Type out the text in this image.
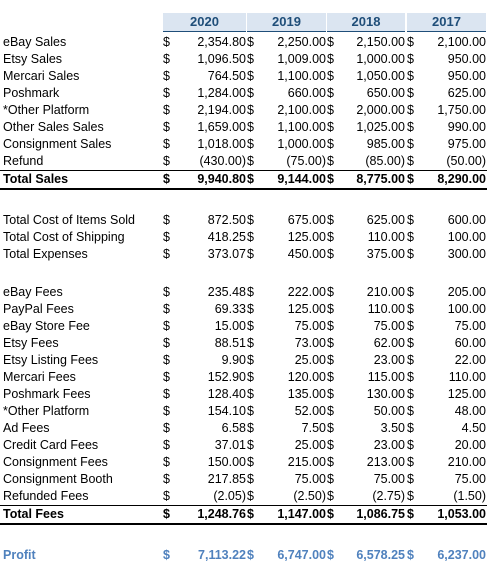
2020	2019	2018	2017
eBay Sales	$ 2,354.80 $ 2,250.00 $ 2,150.00 $ 2,100.00
Etsy Sales	$ 1,096.50 $ 1,009.00 $ 1,000.00 $	950.00
Mercari Sales	$	764.50 $ 1,100.00 $ 1,050.00 $	950.00
Poshmark	$ 1,284.00 $	660.00 $	650.00 $	625.00
*Other Platform	$ 2,194.00 $ 2,100.00 $ 2,000.00 $ 1,750.00
Other Sales Sales	$ 1,659.00 $ 1,100.00 $ 1,025.00 $	990.00
Consignment Sales	$ 1,018.00 $ 1,000.00 $	985.00 $	975.00
Refund	$ (430.00) $	(75.00) $	(85.00) $	(50.00)
Total Sales	$ 9,940.80 $ 9,144.00 $ 8,775.00 $ 8,290.00
Total Cost of Items Sold $	872.50 $	675.00 $	625.00 $	600.00
Total Cost of Shipping	$	418.25 $	125.00 $	110.00 $	100.00
Total Expenses	$	373.07 $	450.00 $	375.00 $	300.00
eBay Fees	$	235.48 $	222.00 $	210.00 $	205.00
PayPal Fees	$	69.33 $	125.00 $	110.00 $	100.00
eBay Store Fee	$	15.00 $	75.00 $	75.00 $	75.00
Etsy Fees	$	88.51 $	73.00 $	62.00 $	60.00
Etsy Listing Fees	$	9.90 $	25.00 $	23.00 $	22.00
Mercari Fees	$	152.90 $	120.00 $	115.00 $	110.00
Poshmark Fees	$	128.40 $	135.00 $	130.00 $	125.00
*Other Platform	$	154.10 $	52.00 $	50.00 $	48.00
Ad Fees	$	6.58 $	7.50 $	3.50 $	4.50
Credit Card Fees	$	37.01 $	25.00 $	23.00 $	20.00
Consignment Fees	$	150.00 $	215.00 $	213.00 $	210.00
Consignment Booth	$	217.85 $	75.00 $	75.00 $	75.00
Refunded Fees	$	(2.05) $	(2.50) $	(2.75) $	(1.50)
Total Fees	$ 1,248.76 $ 1,147.00 $ 1,086.75 $ 1,053.00
Profit	$ 7,113.22 $ 6,747.00 $ 6,578.25 $ 6,237.00
